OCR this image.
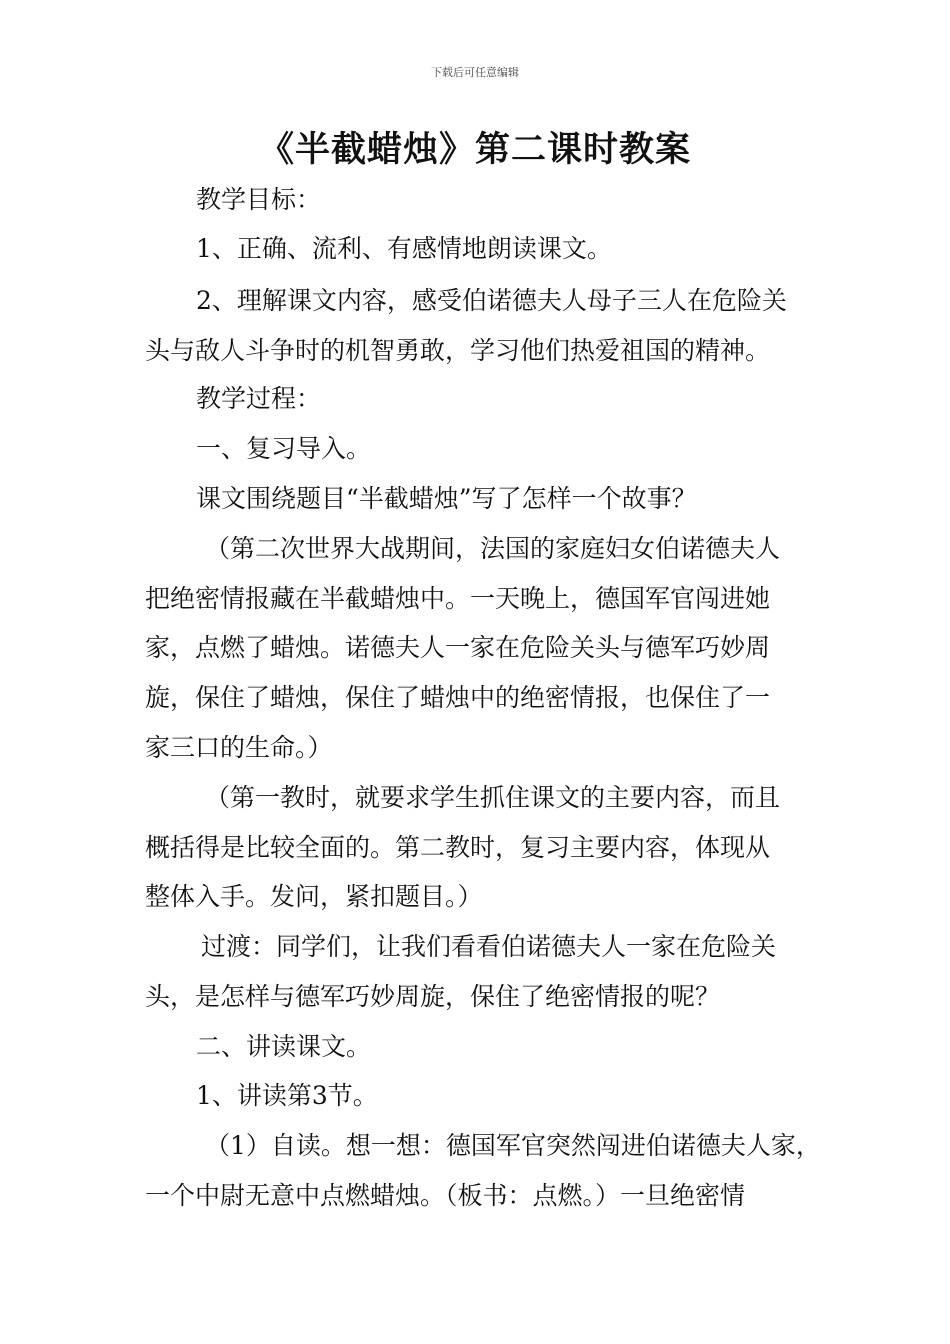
下载后可任意编辑
《半截蜡烛》第二课时教案
教学目标：
1、正确、流利、有感情地朗读课文。
2、理解课文内容，感受伯诺德夫人母子三人在危险关
头与敌人斗争时的机智勇敢，学习他们热爱祖国的精神。
教学过程：
一、复习导入。
课文围绕题目“半截蜡烛”写了怎样一个故事？
（第二次世界大战期间，法国的家庭妇女伯诺德夫人
把绝密情报藏在半截蜡烛中。一天晚上，德国军官闯进她
家，点燃了蜡烛。诺德夫人一家在危险关头与德军巧妙周
旋，保住了蜡烛，保住了蜡烛中的绝密情报，也保住了一
家三口的生命。）
（第一教时，就要求学生抓住课文的主要内容，而且
概括得是比较全面的。第二教时，复习主要内容，体现从
整体入手。发问，紧扣题目。）
过渡：同学们，让我们看看伯诺德夫人一家在危险关
头，是怎样与德军巧妙周旋，保住了绝密情报的呢？
二、讲读课文。
1、讲读第3节。
（1）自读。想一想：德国军官突然闯进伯诺德夫人家，
一个中尉无意中点燃蜡烛。（板书：点燃。）一旦绝密情
